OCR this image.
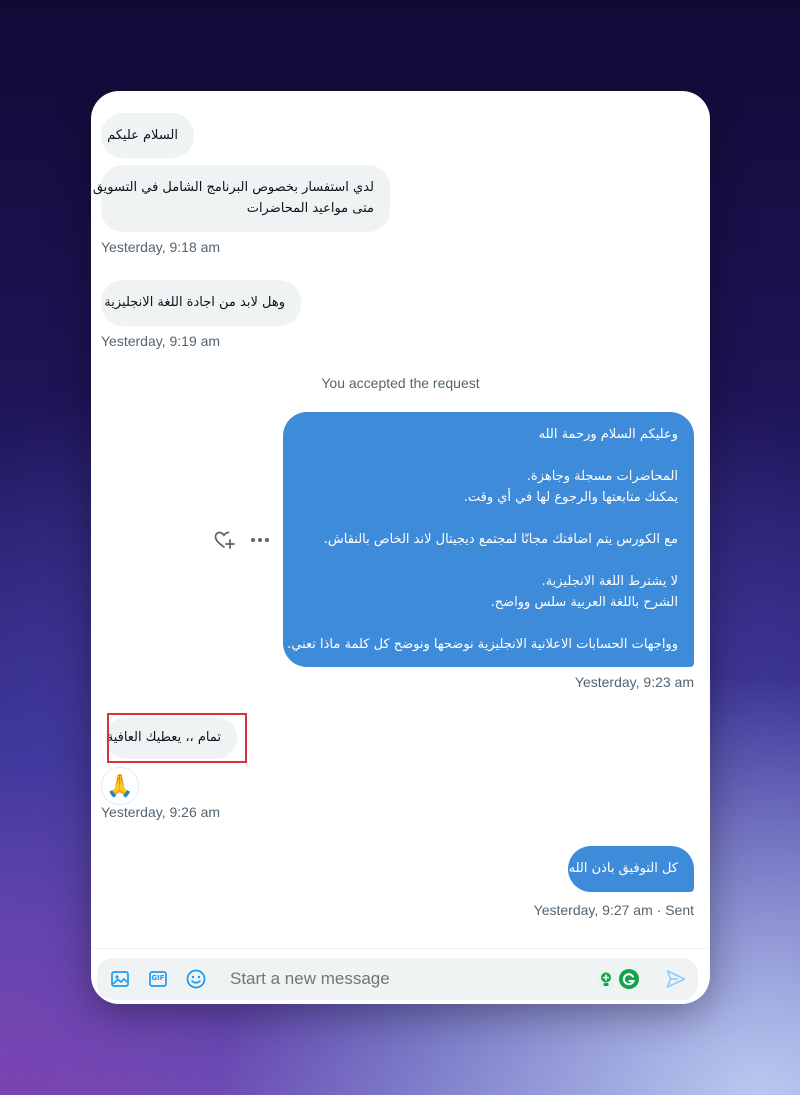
السلام عليكم
لدي استفسار بخصوص البرنامج الشامل في التسويق
متى مواعيد المحاضرات
Yesterday, 9:18 am
وهل لابد من اجادة اللغة الانجليزية
Yesterday, 9:19 am
You accepted the request
وعليكم السلام ورحمة الله
المحاضرات مسجلة وجاهزة.
يمكنك متابعتها والرجوع لها في أي وقت.
مع الكورس يتم اضافتك مجانًا لمجتمع ديجيتال لاند الخاص بالنقاش.
لا يشترط اللغة الانجليزية.
الشرح باللغة العربية سلس وواضح.
وواجهات الحسابات الاعلانية الانجليزية نوضحها ونوضح كل كلمة ماذا تعني.
Yesterday, 9:23 am
تمام ،، يعطيك العافية
🙏
Yesterday, 9:26 am
كل التوفيق باذن الله
Yesterday, 9:27 am · Sent
GIF
Start a new message
